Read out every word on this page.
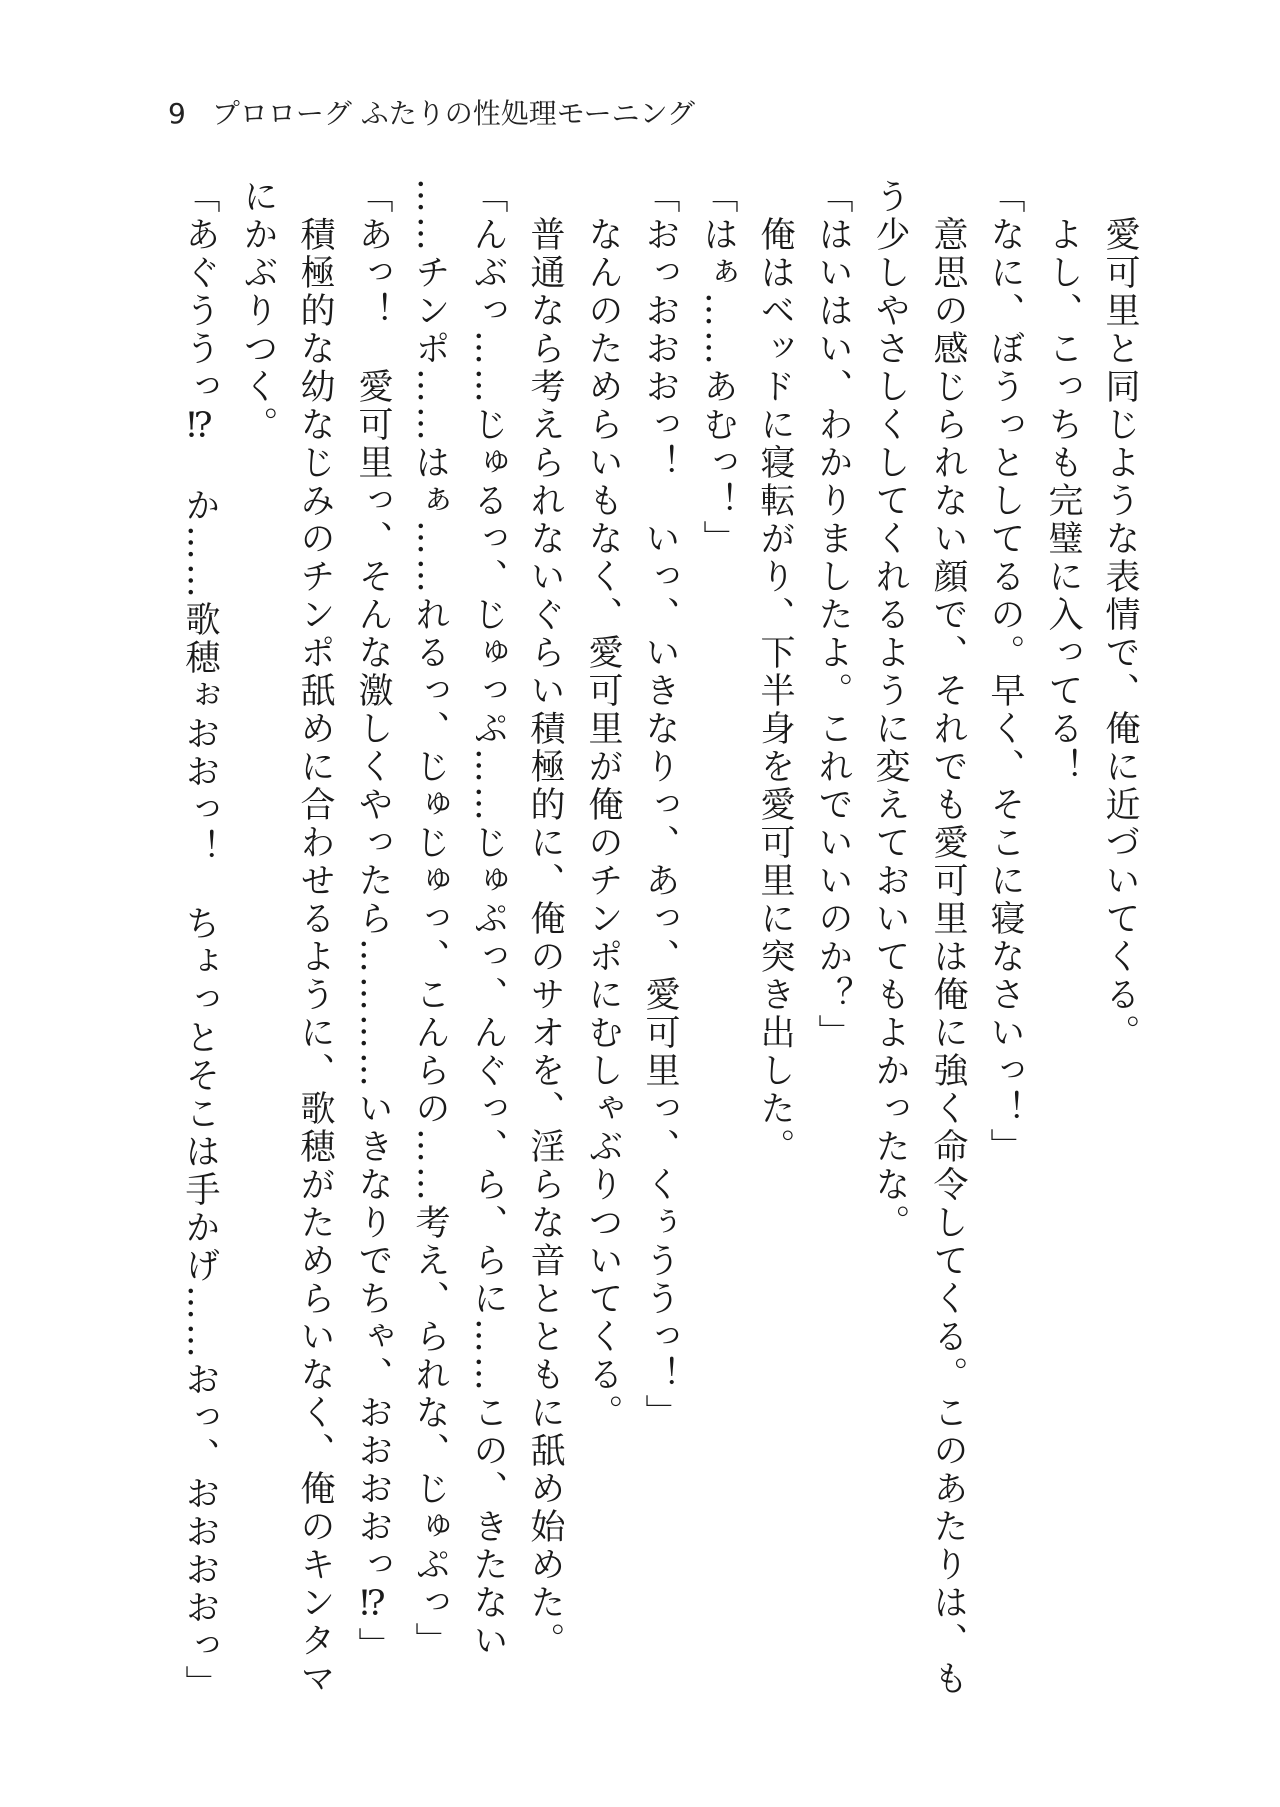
9 プロローグ ふたりの性処理モーニング
愛可里と同じような表情で、俺に近づいてくる。
よし、こっちも完璧に入ってる！
「なに、ぼうっとしてるの。早く、そこに寝なさいっ！」
意思の感じられない顔で、それでも愛可里は俺に強く命令してくる。このあたりは、も
う少しやさしくしてくれるように変えておいてもよかったな。
「はいはい、わかりましたよ。これでいいのか？」
俺はベッドに寝転がり、下半身を愛可里に突き出した。
「はぁ……あむっ！」
「おっおおおっ！　いっ、いきなりっ、あっ、愛可里っ、くぅううっ！」
なんのためらいもなく、愛可里が俺のチンポにむしゃぶりついてくる。
普通なら考えられないぐらい積極的に、俺のサオを、淫らな音とともに舐め始めた。
「んぶっ……じゅるっ、じゅっぷ……じゅぷっ、んぐっ、ら、らに……この、きたない
……チンポ……はぁ……れるっ、じゅじゅっ、こんらの……考え、られな、じゅぷっ」
「あっ！　愛可里っ、そんな激しくやったら…………いきなりでちゃ、おおおおっ⁉」
積極的な幼なじみのチンポ舐めに合わせるように、歌穂がためらいなく、俺のキンタマ
にかぶりつく。
「あぐううっ⁉　か……歌穂ぉおおっ！　ちょっとそこは手かげ……おっ、おおおおっ」
